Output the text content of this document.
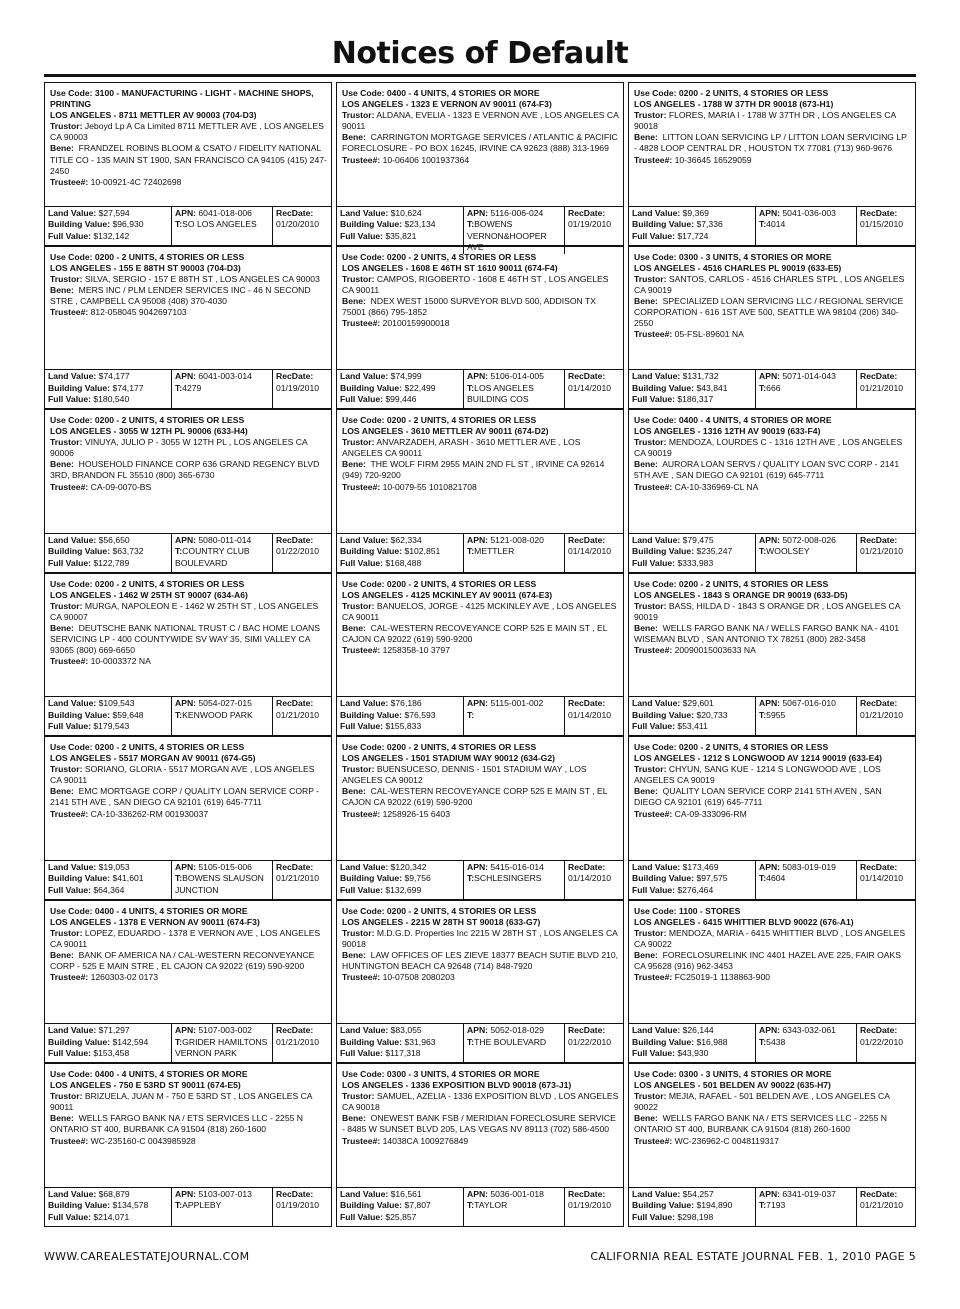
Notices of Default
Use Code: 3100 - MANUFACTURING - LIGHT - MACHINE SHOPS, PRINTING
LOS ANGELES - 8711 METTLER AV 90003 (704-D3)
Trustor: Jeboyd Lp A Ca Limited 8711 METTLER AVE , LOS ANGELES CA 90003
Bene: FRANDZEL ROBINS BLOOM & CSATO / FIDELITY NATIONAL TITLE CO - 135 MAIN ST 1900, SAN FRANCISCO CA 94105 (415) 247-2450
Trustee#: 10-00921-4C 72402698
Land Value: $27,594
Building Value: $96,930
Full Value: $132,142
APN: 6041-018-006
T:SO LOS ANGELES
RecDate:
01/20/2010
Use Code: 0400 - 4 UNITS, 4 STORIES OR MORE
LOS ANGELES - 1323 E VERNON AV 90011 (674-F3)
Trustor: ALDANA, EVELIA - 1323 E VERNON AVE , LOS ANGELES CA 90011
Bene: CARRINGTON MORTGAGE SERVICES / ATLANTIC & PACIFIC FORECLOSURE - PO BOX 16245, IRVINE CA 92623 (888) 313-1969
Trustee#: 10-06406 1001937364
Land Value: $10,624
Building Value: $23,134
Full Value: $35,821
APN: 5116-006-024
T:BOWENS VERNON&HOOPER AVE
RecDate:
01/19/2010
Use Code: 0200 - 2 UNITS, 4 STORIES OR LESS
LOS ANGELES - 1788 W 37TH DR 90018 (673-H1)
Trustor: FLORES, MARIA I - 1788 W 37TH DR , LOS ANGELES CA 90018
Bene: LITTON LOAN SERVICING LP / LITTON LOAN SERVICING LP - 4828 LOOP CENTRAL DR , HOUSTON TX 77081 (713) 960-9676
Trustee#: 10-36645 16529059
Land Value: $9,369
Building Value: $7,336
Full Value: $17,724
APN: 5041-036-003
T:4014
RecDate:
01/15/2010
Use Code: 0200 - 2 UNITS, 4 STORIES OR LESS
LOS ANGELES - 155 E 88TH ST 90003 (704-D3)
Trustor: SILVA, SERGIO - 157 E 88TH ST , LOS ANGELES CA 90003
Bene: MERS INC / PLM LENDER SERVICES INC - 46 N SECOND STRE , CAMPBELL CA 95008 (408) 370-4030
Trustee#: 812-058045 9042697103
Land Value: $74,177
Building Value: $74,177
Full Value: $180,540
APN: 6041-003-014
T:4279
RecDate:
01/19/2010
Use Code: 0200 - 2 UNITS, 4 STORIES OR LESS
LOS ANGELES - 1608 E 46TH ST 1610 90011 (674-F4)
Trustor: CAMPOS, RIGOBERTO - 1608 E 46TH ST , LOS ANGELES CA 90011
Bene: NDEX WEST 15000 SURVEYOR BLVD 500, ADDISON TX 75001 (866) 795-1852
Trustee#: 20100159900018
Land Value: $74,999
Building Value: $22,499
Full Value: $99,446
APN: 5106-014-005
T:LOS ANGELES BUILDING COS
RecDate:
01/14/2010
Use Code: 0300 - 3 UNITS, 4 STORIES OR MORE
LOS ANGELES - 4516 CHARLES PL 90019 (633-E5)
Trustor: SANTOS, CARLOS - 4516 CHARLES STPL , LOS ANGELES CA 90019
Bene: SPECIALIZED LOAN SERVICING LLC / REGIONAL SERVICE CORPORATION - 616 1ST AVE 500, SEATTLE WA 98104 (206) 340-2550
Trustee#: 05-FSL-89601 NA
Land Value: $131,732
Building Value: $43,841
Full Value: $186,317
APN: 5071-014-043
T:666
RecDate:
01/21/2010
Use Code: 0200 - 2 UNITS, 4 STORIES OR LESS
LOS ANGELES - 3055 W 12TH PL 90006 (633-H4)
Trustor: VINUYA, JULIO P - 3055 W 12TH PL , LOS ANGELES CA 90006
Bene: HOUSEHOLD FINANCE CORP 636 GRAND REGENCY BLVD 3RD, BRANDON FL 35510 (800) 365-6730
Trustee#: CA-09-0070-BS
Land Value: $56,650
Building Value: $63,732
Full Value: $122,789
APN: 5080-011-014
T:COUNTRY CLUB BOULEVARD
RecDate:
01/22/2010
Use Code: 0200 - 2 UNITS, 4 STORIES OR LESS
LOS ANGELES - 3610 METTLER AV 90011 (674-D2)
Trustor: ANVARZADEH, ARASH - 3610 METTLER AVE , LOS ANGELES CA 90011
Bene: THE WOLF FIRM 2955 MAIN 2ND FL ST , IRVINE CA 92614 (949) 720-9200
Trustee#: 10-0079-55 1010821708
Land Value: $62,334
Building Value: $102,851
Full Value: $168,488
APN: 5121-008-020
T:METTLER
RecDate:
01/14/2010
Use Code: 0400 - 4 UNITS, 4 STORIES OR MORE
LOS ANGELES - 1316 12TH AV 90019 (633-F4)
Trustor: MENDOZA, LOURDES C - 1316 12TH AVE , LOS ANGELES CA 90019
Bene: AURORA LOAN SERVS / QUALITY LOAN SVC CORP - 2141 5TH AVE , SAN DIEGO CA 92101 (619) 645-7711
Trustee#: CA-10-336969-CL NA
Land Value: $79,475
Building Value: $235,247
Full Value: $333,983
APN: 5072-008-026
T:WOOLSEY
RecDate:
01/21/2010
Use Code: 0200 - 2 UNITS, 4 STORIES OR LESS
LOS ANGELES - 1462 W 25TH ST 90007 (634-A6)
Trustor: MURGA, NAPOLEON E - 1462 W 25TH ST , LOS ANGELES CA 90007
Bene: DEUTSCHE BANK NATIONAL TRUST C / BAC HOME LOANS SERVICING LP - 400 COUNTYWIDE SV WAY 35, SIMI VALLEY CA 93065 (800) 669-6650
Trustee#: 10-0003372 NA
Land Value: $109,543
Building Value: $59,648
Full Value: $179,543
APN: 5054-027-015
T:KENWOOD PARK
RecDate:
01/21/2010
Use Code: 0200 - 2 UNITS, 4 STORIES OR LESS
LOS ANGELES - 4125 MCKINLEY AV 90011 (674-E3)
Trustor: BANUELOS, JORGE - 4125 MCKINLEY AVE , LOS ANGELES CA 90011
Bene: CAL-WESTERN RECOVEYANCE CORP 525 E MAIN ST , EL CAJON CA 92022 (619) 590-9200
Trustee#: 1258358-10 3797
Land Value: $76,186
Building Value: $76,593
Full Value: $155,833
APN: 5115-001-002
T:
RecDate:
01/14/2010
Use Code: 0200 - 2 UNITS, 4 STORIES OR LESS
LOS ANGELES - 1843 S ORANGE DR 90019 (633-D5)
Trustor: BASS, HILDA D - 1843 S ORANGE DR , LOS ANGELES CA 90019
Bene: WELLS FARGO BANK NA / WELLS FARGO BANK NA - 4101 WISEMAN BLVD , SAN ANTONIO TX 78251 (800) 282-3458
Trustee#: 20090015003633 NA
Land Value: $29,601
Building Value: $20,733
Full Value: $53,411
APN: 5067-016-010
T:5955
RecDate:
01/21/2010
Use Code: 0200 - 2 UNITS, 4 STORIES OR LESS
LOS ANGELES - 5517 MORGAN AV 90011 (674-G5)
Trustor: SORIANO, GLORIA - 5517 MORGAN AVE , LOS ANGELES CA 90011
Bene: EMC MORTGAGE CORP / QUALITY LOAN SERVICE CORP - 2141 5TH AVE , SAN DIEGO CA 92101 (619) 645-7711
Trustee#: CA-10-336262-RM 001930037
Land Value: $19,053
Building Value: $41,601
Full Value: $64,364
APN: 5105-015-006
T:BOWENS SLAUSON JUNCTION
RecDate:
01/21/2010
Use Code: 0200 - 2 UNITS, 4 STORIES OR LESS
LOS ANGELES - 1501 STADIUM WAY 90012 (634-G2)
Trustor: BUENSUCESO, DENNIS - 1501 STADIUM WAY , LOS ANGELES CA 90012
Bene: CAL-WESTERN RECOVEYANCE CORP 525 E MAIN ST , EL CAJON CA 92022 (619) 590-9200
Trustee#: 1258926-15 6403
Land Value: $120,342
Building Value: $9,756
Full Value: $132,699
APN: 5415-016-014
T:SCHLESINGERS
RecDate:
01/14/2010
Use Code: 0200 - 2 UNITS, 4 STORIES OR LESS
LOS ANGELES - 1212 S LONGWOOD AV 1214 90019 (633-E4)
Trustor: CHYUN, SANG KUE - 1214 S LONGWOOD AVE , LOS ANGELES CA 90019
Bene: QUALITY LOAN SERVICE CORP 2141 5TH AVEN , SAN DIEGO CA 92101 (619) 645-7711
Trustee#: CA-09-333096-RM
Land Value: $173,469
Building Value: $97,575
Full Value: $276,464
APN: 5083-019-019
T:4604
RecDate:
01/14/2010
Use Code: 0400 - 4 UNITS, 4 STORIES OR MORE
LOS ANGELES - 1378 E VERNON AV 90011 (674-F3)
Trustor: LOPEZ, EDUARDO - 1378 E VERNON AVE , LOS ANGELES CA 90011
Bene: BANK OF AMERICA NA / CAL-WESTERN RECONVEYANCE CORP - 525 E MAIN STRE , EL CAJON CA 92022 (619) 590-9200
Trustee#: 1260303-02 0173
Land Value: $71,297
Building Value: $142,594
Full Value: $153,458
APN: 5107-003-002
T:GRIDER HAMILTONS VERNON PARK
RecDate:
01/21/2010
Use Code: 0200 - 2 UNITS, 4 STORIES OR LESS
LOS ANGELES - 2215 W 28TH ST 90018 (633-G7)
Trustor: M.D.G.D. Properties Inc 2215 W 28TH ST , LOS ANGELES CA 90018
Bene: LAW OFFICES OF LES ZIEVE 18377 BEACH SUTIE BLVD 210, HUNTINGTON BEACH CA 92648 (714) 848-7920
Trustee#: 10-07508 2080203
Land Value: $83,055
Building Value: $31,963
Full Value: $117,318
APN: 5052-018-029
T:THE BOULEVARD
RecDate:
01/22/2010
Use Code: 1100 - STORES
LOS ANGELES - 6415 WHITTIER BLVD 90022 (676-A1)
Trustor: MENDOZA, MARIA - 6415 WHITTIER BLVD , LOS ANGELES CA 90022
Bene: FORECLOSURELINK INC 4401 HAZEL AVE 225, FAIR OAKS CA 95628 (916) 962-3453
Trustee#: FC25019-1 1138863-900
Land Value: $26,144
Building Value: $16,988
Full Value: $43,930
APN: 6343-032-061
T:5438
RecDate:
01/22/2010
Use Code: 0400 - 4 UNITS, 4 STORIES OR MORE
LOS ANGELES - 750 E 53RD ST 90011 (674-E5)
Trustor: BRIZUELA, JUAN M - 750 E 53RD ST , LOS ANGELES CA 90011
Bene: WELLS FARGO BANK NA / ETS SERVICES LLC - 2255 N ONTARIO ST 400, BURBANK CA 91504 (818) 260-1600
Trustee#: WC-235160-C 0043985928
Land Value: $68,879
Building Value: $134,578
Full Value: $214,071
APN: 5103-007-013
T:APPLEBY
RecDate:
01/19/2010
Use Code: 0300 - 3 UNITS, 4 STORIES OR MORE
LOS ANGELES - 1336 EXPOSITION BLVD 90018 (673-J1)
Trustor: SAMUEL, AZELIA - 1336 EXPOSITION BLVD , LOS ANGELES CA 90018
Bene: ONEWEST BANK FSB / MERIDIAN FORECLOSURE SERVICE - 8485 W SUNSET BLVD 205, LAS VEGAS NV 89113 (702) 586-4500
Trustee#: 14038CA 1009276849
Land Value: $16,561
Building Value: $7,807
Full Value: $25,857
APN: 5036-001-018
T:TAYLOR
RecDate:
01/19/2010
Use Code: 0300 - 3 UNITS, 4 STORIES OR MORE
LOS ANGELES - 501 BELDEN AV 90022 (635-H7)
Trustor: MEJIA, RAFAEL - 501 BELDEN AVE , LOS ANGELES CA 90022
Bene: WELLS FARGO BANK NA / ETS SERVICES LLC - 2255 N ONTARIO ST 400, BURBANK CA 91504 (818) 260-1600
Trustee#: WC-236962-C 0048119317
Land Value: $54,257
Building Value: $194,890
Full Value: $298,198
APN: 6341-019-037
T:7193
RecDate:
01/21/2010
WWW.CAREALESTATEJOURNAL.COM	CALIFORNIA REAL ESTATE JOURNAL FEB. 1, 2010 PAGE 5
